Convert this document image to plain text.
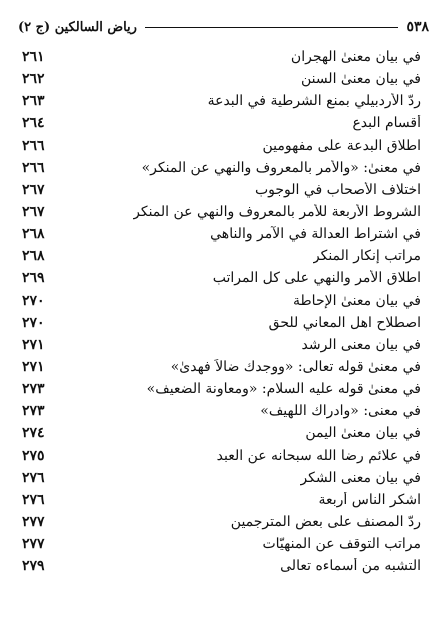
٥٣٨
رياض السالكين (ج ٢)
في بيان معنىٰ الهجران
٢٦١
في بيان معنىٰ السنن
٢٦٢
ردّ الأردبيلي بمنع الشرطية في البدعة
٢٦٣
أقسام البدع
٢٦٤
اطلاق البدعة على مفهومين
٢٦٦
في معنىٰ: «والأمر بالمعروف والنهي عن المنكر»
٢٦٦
اختلاف الأصحاب في الوجوب
٢٦٧
الشروط الأربعة للأمر بالمعروف والنهي عن المنكر
٢٦٧
في اشتراط العدالة في الآمر والناهي
٢٦٨
مراتب إنكار المنكر
٢٦٨
اطلاق الأمر والنهي على كل المراتب
٢٦٩
في بيان معنىٰ الإحاطة
٢٧٠
اصطلاح اهل المعاني للحق
٢٧٠
في بيان معنى الرشد
٢٧١
في معنىٰ قوله تعالى: «ووجدك ضالاً فهدىٰ»
٢٧١
في معنىٰ قوله عليه السلام: «ومعاونة الضعيف»
٢٧٣
في معنى: «وادراك اللهيف»
٢٧٣
في بيان معنىٰ اليمن
٢٧٤
في علائم رضا الله سبحانه عن العبد
٢٧٥
في بيان معنى الشكر
٢٧٦
اشكر الناس أربعة
٢٧٦
ردّ المصنف على بعض المترجمين
٢٧٧
مراتب التوقف عن المنهيّات
٢٧٧
التشبه من أسماءه تعالى
٢٧٩
